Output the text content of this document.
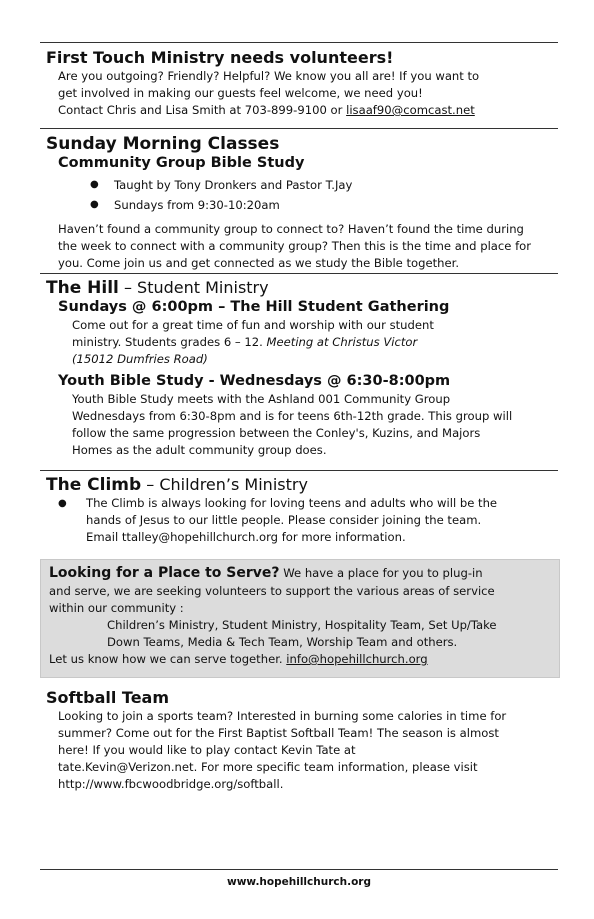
First Touch Ministry needs volunteers!
Are you outgoing? Friendly? Helpful? We know you all are! If you want to
get involved in making our guests feel welcome, we need you!
Contact Chris and Lisa Smith at 703-899-9100 or lisaaf90@comcast.net
Sunday Morning Classes
Community Group Bible Study
● Taught by Tony Dronkers and Pastor T.Jay
● Sundays from 9:30-10:20am
Haven’t found a community group to connect to? Haven’t found the time during
the week to connect with a community group? Then this is the time and place for
you. Come join us and get connected as we study the Bible together.
The Hill – Student Ministry
Sundays @ 6:00pm – The Hill Student Gathering
Come out for a great time of fun and worship with our student
ministry. Students grades 6 – 12. Meeting at Christus Victor
(15012 Dumfries Road)
Youth Bible Study - Wednesdays @ 6:30-8:00pm
Youth Bible Study meets with the Ashland 001 Community Group
Wednesdays from 6:30-8pm and is for teens 6th-12th grade. This group will
follow the same progression between the Conley's, Kuzins, and Majors
Homes as the adult community group does.
The Climb – Children’s Ministry
● The Climb is always looking for loving teens and adults who will be the
hands of Jesus to our little people. Please consider joining the team.
Email ttalley@hopehillchurch.org for more information.
Looking for a Place to Serve? We have a place for you to plug-in
and serve, we are seeking volunteers to support the various areas of service
within our community :
Children’s Ministry, Student Ministry, Hospitality Team, Set Up/Take
Down Teams, Media & Tech Team, Worship Team and others.
Let us know how we can serve together. info@hopehillchurch.org
Softball Team
Looking to join a sports team? Interested in burning some calories in time for
summer? Come out for the First Baptist Softball Team! The season is almost
here! If you would like to play contact Kevin Tate at
tate.Kevin@Verizon.net. For more specific team information, please visit
http://www.fbcwoodbridge.org/softball.
www.hopehillchurch.org
